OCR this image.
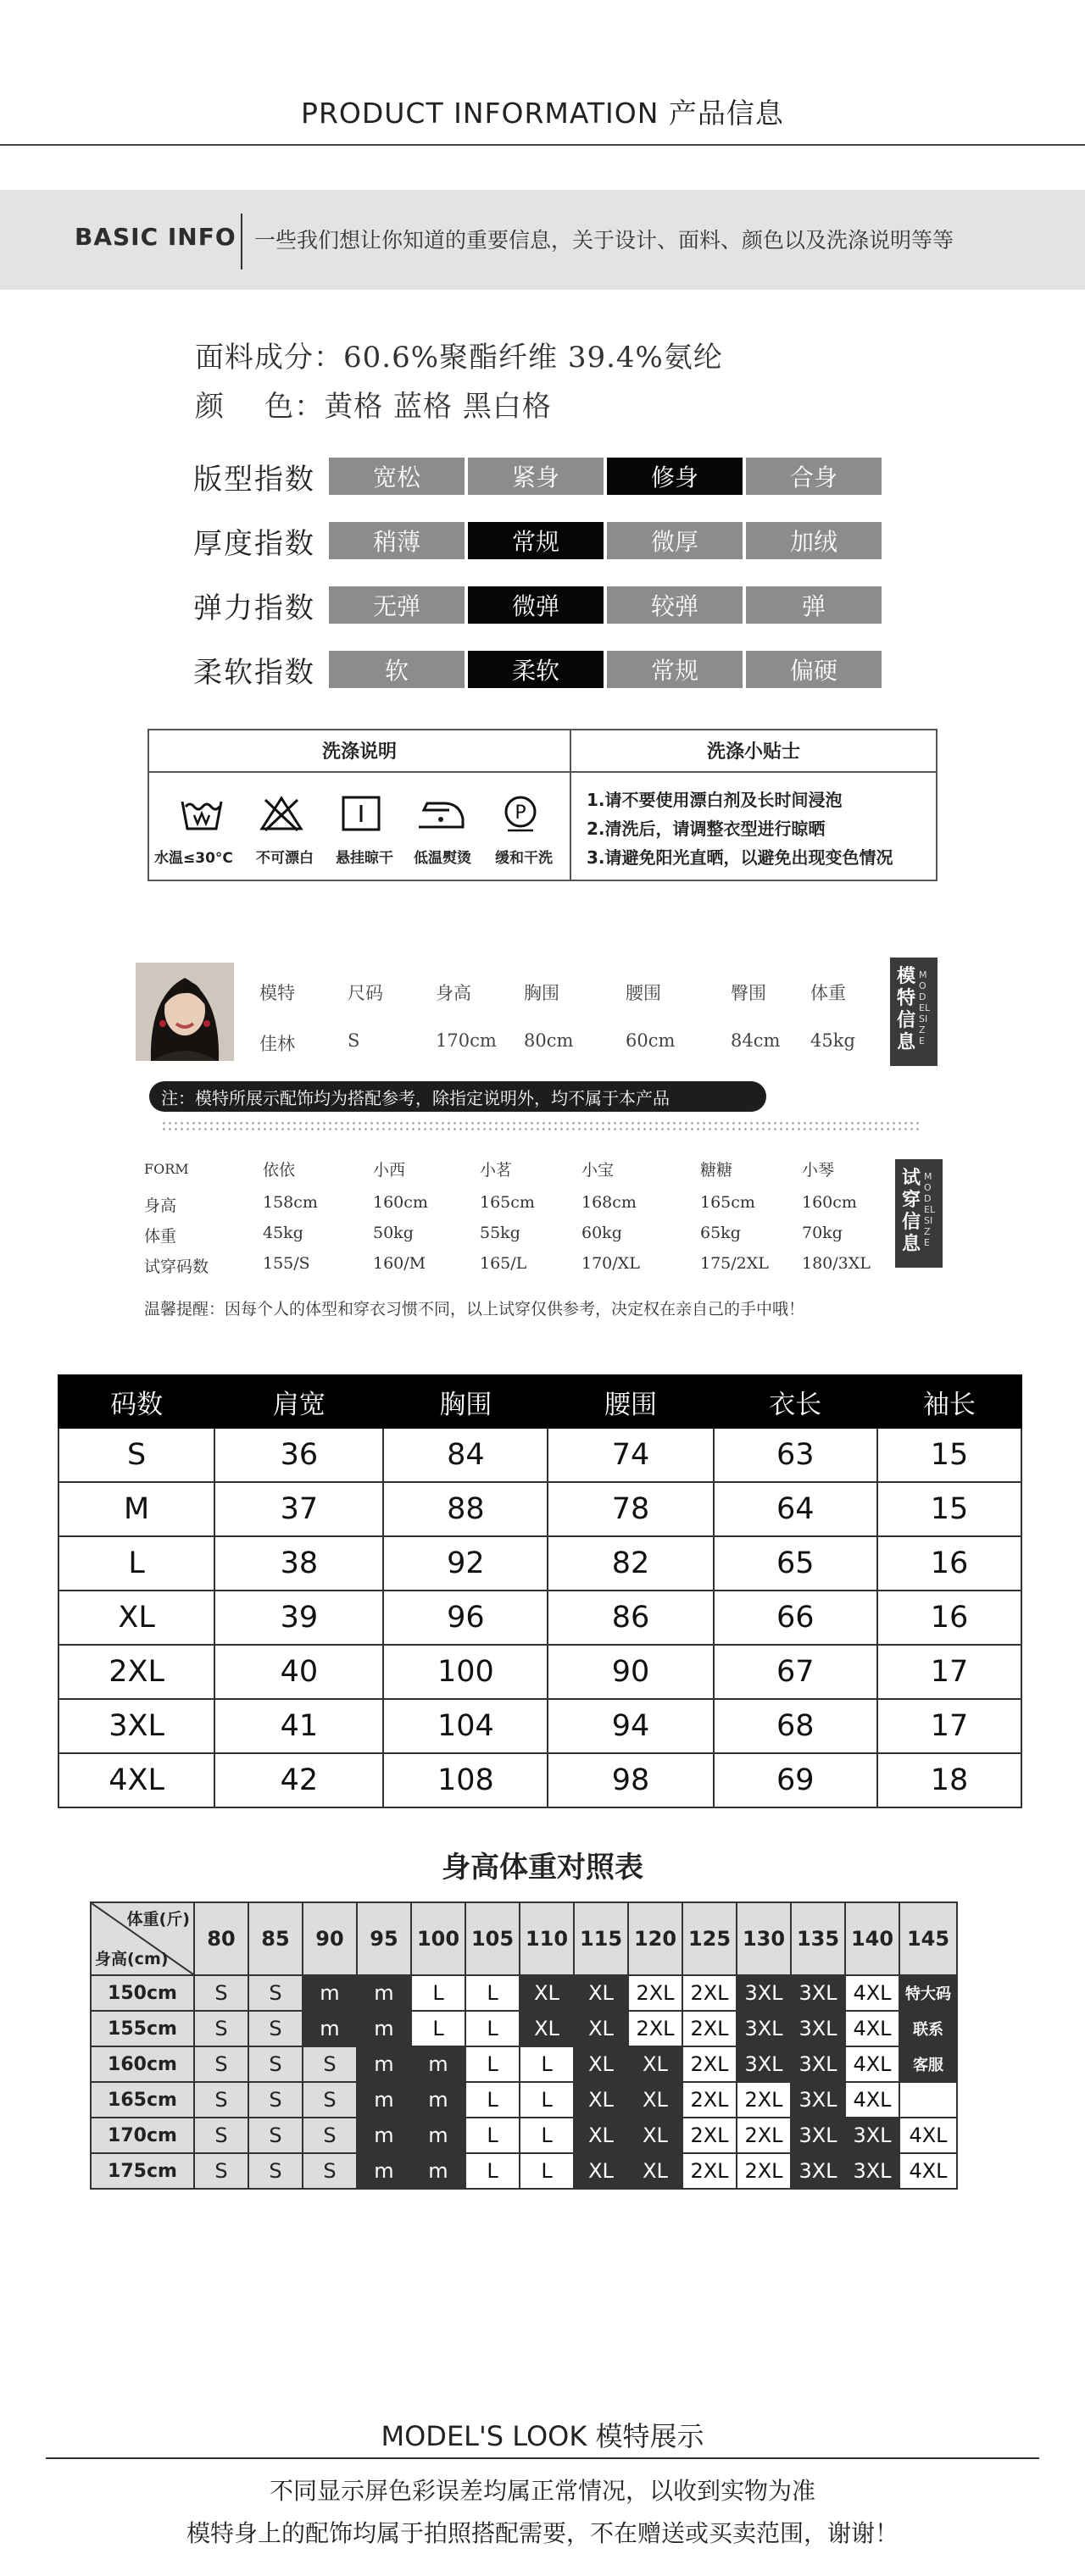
PRODUCT INFORMATION 产品信息
BASIC INFO 一些我们想让你知道的重要信息，关于设计、面料、颜色以及洗涤说明等等
面料成分：60.6%聚酯纤维 39.4%氨纶
颜    色：黄格 蓝格 黑白格
版型指数	宽松	紧身	修身	合身
厚度指数	稍薄	常规	微厚	加绒
弹力指数	无弹	微弹	较弹	弹
柔软指数	软	柔软	常规	偏硬
洗涤说明	洗涤小贴士
P
水温≤30°C 不可漂白 悬挂晾干 低温熨烫 缓和干洗
1.请不要使用漂白剂及长时间浸泡
2.清洗后，请调整衣型进行晾晒
3.请避免阳光直晒，以避免出现变色情况
模特	尺码	身高	胸围	腰围	臀围 体重
佳林	S	170cm 80cm	60cm	84cm 45kg
模特信息
MODEL SIZE
注：模特所展示配饰均为搭配参考，除指定说明外，均不属于本产品
FORM	依依	小西	小茗	小宝	糖糖	小琴
身高	158cm	160cm	165cm	168cm	165cm	160cm
体重	45kg	50kg	55kg	60kg	65kg	70kg
试穿码数	155/S	160/M	165/L	170/XL	175/2XL 180/3XL
试穿信息
MODEL SIZE
温馨提醒：因每个人的体型和穿衣习惯不同，以上试穿仅供参考，决定权在亲自己的手中哦！
码数	肩宽	胸围	腰围	衣长	袖长
S	36	84	74	63	15
M	37	88	78	64	15
L	38	92	82	65	16
XL	39	96	86	66	16
2XL	40	100	90	67	17
3XL	41	104	94	68	17
4XL	42	108	98	69	18
身高体重对照表
体重(斤)
身高(cm)	80	85	90	95	100	105	110	115	120	125	130	135	140	145
150cm	S	S	m	m	L	L	XL	XL	2XL	2XL	3XL	3XL	4XL	特大码
155cm	S	S	m	m	L	L	XL	XL	2XL	2XL	3XL	3XL	4XL	联系
160cm	S	S	S	m	m	L	L	XL	XL	2XL	3XL	3XL	4XL	客服
165cm	S	S	S	m	m	L	L	XL	XL	2XL	2XL	3XL	4XL	
170cm	S	S	S	m	m	L	L	XL	XL	2XL	2XL	3XL	3XL	4XL
175cm	S	S	S	m	m	L	L	XL	XL	2XL	2XL	3XL	3XL	4XL
MODEL'S LOOK 模特展示
不同显示屏色彩误差均属正常情况，以收到实物为准
模特身上的配饰均属于拍照搭配需要，不在赠送或买卖范围，谢谢！
